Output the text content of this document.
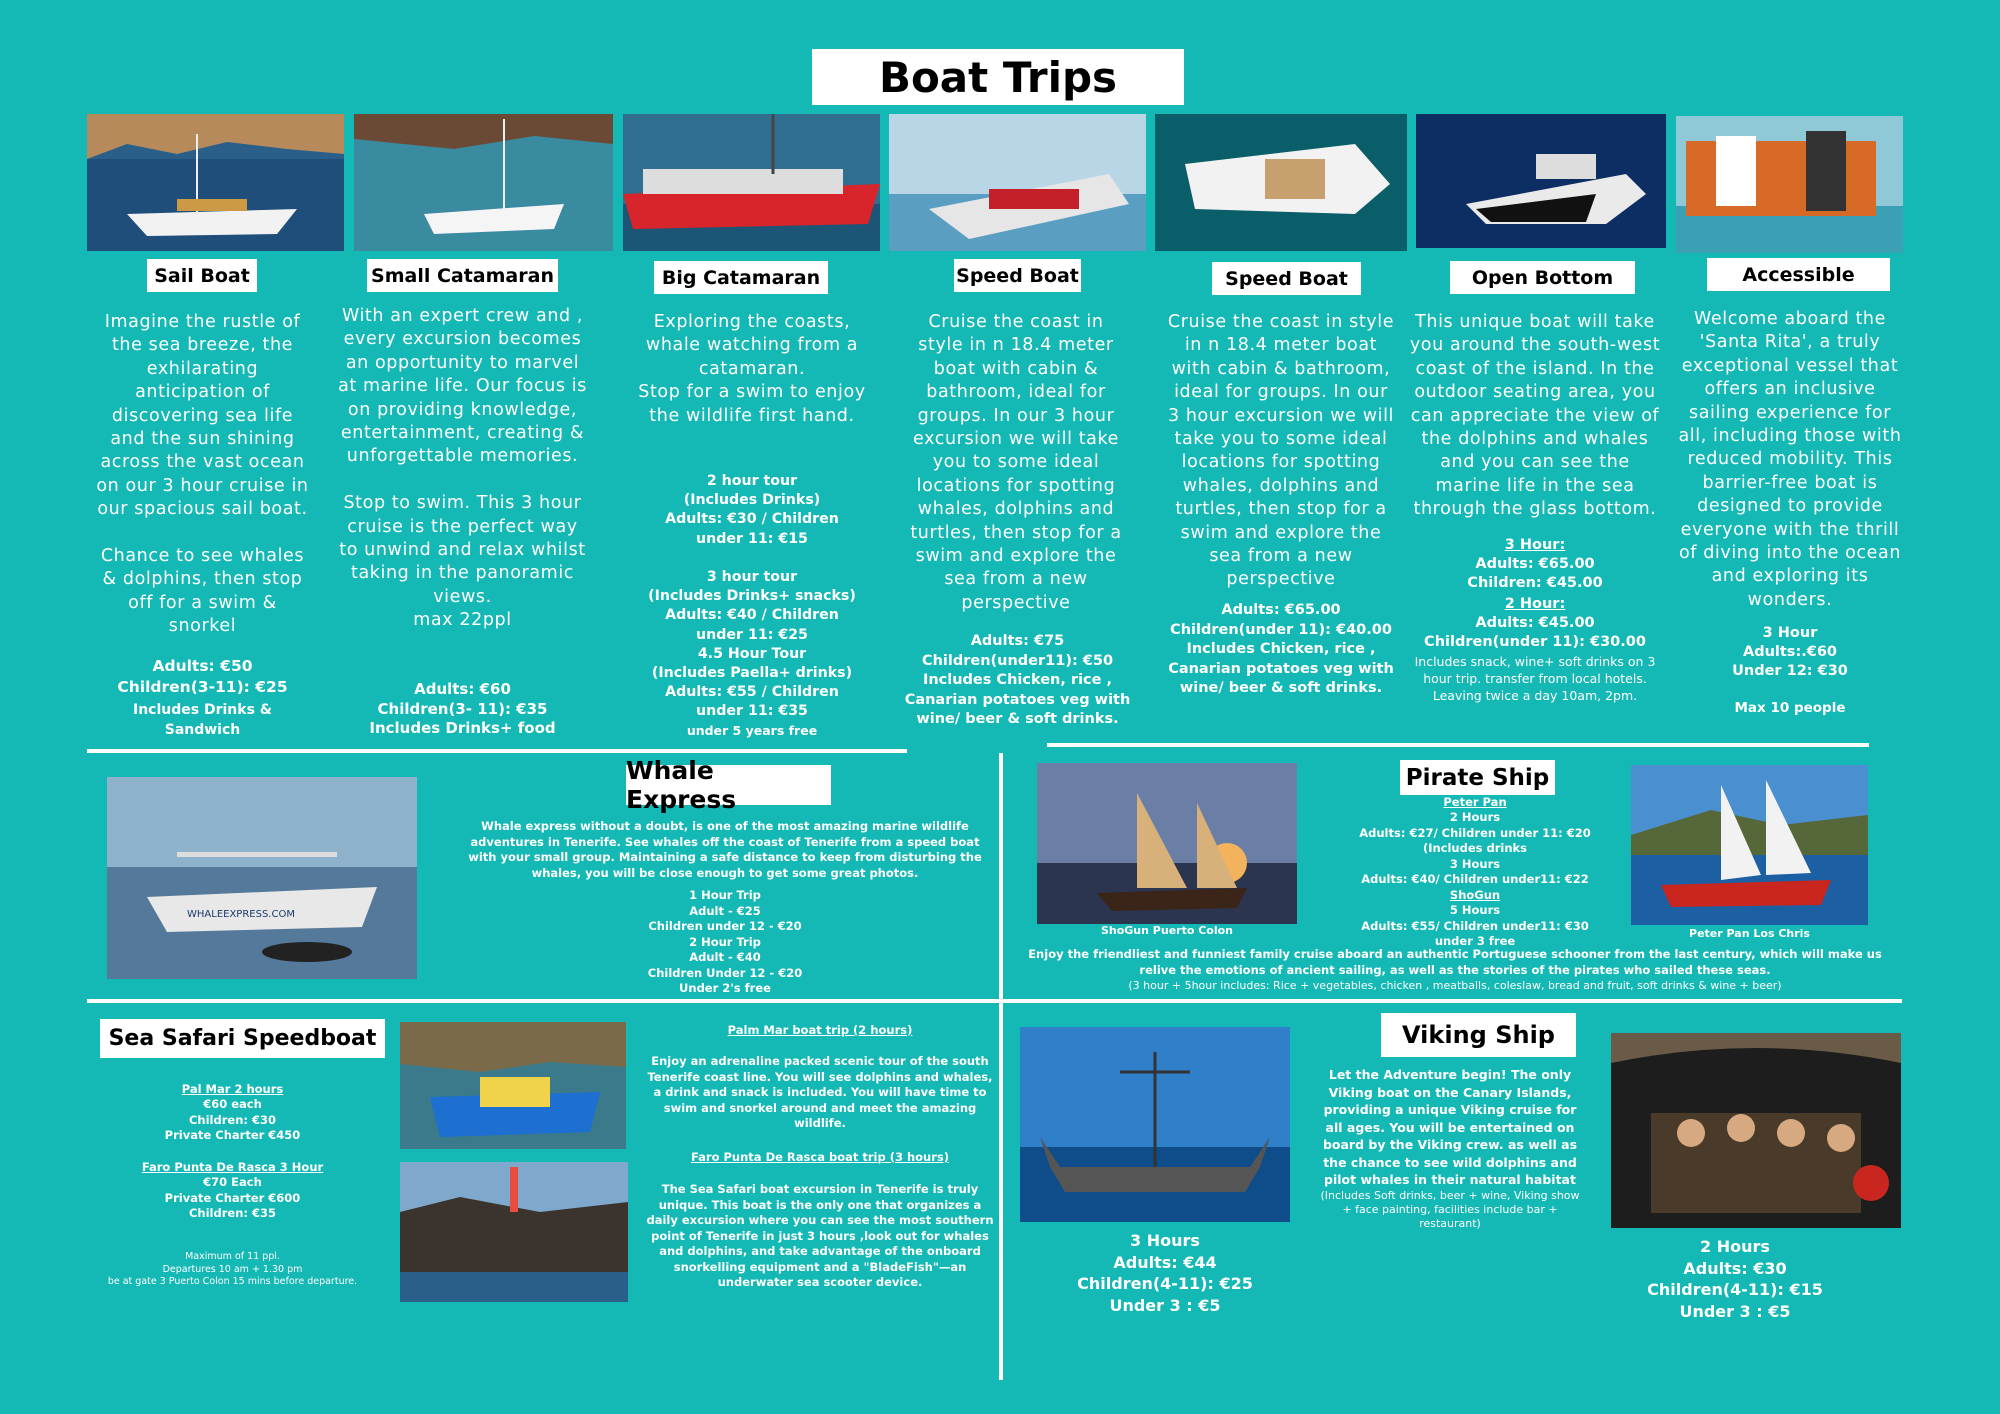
Boat Trips
Sail Boat	Small Catamaran	Big Catamaran	Speed Boat	Speed Boat	Open Bottom	Accessible
Imagine the rustle of the sea breeze, the exhilarating anticipation of discovering sea life and the sun shining across the vast ocean on our 3 hour cruise in our spacious sail boat.

Chance to see whales & dolphins, then stop off for a swim & snorkel
Adults: €50
Children(3-11): €25
Includes Drinks &
Sandwich
With an expert crew and , every excursion becomes an opportunity to marvel at marine life. Our focus is on providing knowledge, entertainment, creating & unforgettable memories.

Stop to swim. This 3 hour cruise is the perfect way to unwind and relax whilst taking in the panoramic views.
max 22ppl
Adults: €60
Children(3- 11): €35
Includes Drinks+ food
Exploring the coasts, whale watching from a catamaran.
Stop for a swim to enjoy the wildlife first hand.
2 hour tour
(Includes Drinks)
Adults: €30 / Children
under 11: €15

3 hour tour
(Includes Drinks+ snacks)
Adults: €40 / Children
under 11: €25
4.5 Hour Tour
(Includes Paella+ drinks)
Adults: €55 / Children
under 11: €35
under 5 years free
Cruise the coast in style in n 18.4 meter boat with cabin & bathroom, ideal for groups. In our 3 hour excursion we will take you to some ideal locations for spotting whales, dolphins and turtles, then stop for a swim and explore the sea from a new perspective
Adults: €75
Children(under11): €50
Includes Chicken, rice ,
Canarian potatoes veg with
wine/ beer & soft drinks.
Cruise the coast in style in n 18.4 meter boat with cabin & bathroom, ideal for groups. In our 3 hour excursion we will take you to some ideal locations for spotting whales, dolphins and turtles, then stop for a swim and explore the sea from a new perspective
Adults: €65.00
Children(under 11): €40.00
Includes Chicken, rice ,
Canarian potatoes veg with
wine/ beer & soft drinks.
This unique boat will take you around the south-west coast of the island. In the outdoor seating area, you can appreciate the view of the dolphins and whales and you can see the marine life in the sea through the glass bottom.
3 Hour:
Adults: €65.00
Children: €45.00
2 Hour:
Adults: €45.00
Children(under 11): €30.00
Includes snack, wine+ soft drinks on 3 hour trip. transfer from local hotels. Leaving twice a day 10am, 2pm.
Welcome aboard the 'Santa Rita', a truly exceptional vessel that offers an inclusive sailing experience for all, including those with reduced mobility. This barrier-free boat is designed to provide everyone with the thrill of diving into the ocean and exploring its wonders.
3 Hour
Adults:.€60
Under 12: €30
Max 10 people
WHALEEXPRESS.COM
Whale Express
Whale express without a doubt, is one of the most amazing marine wildlife adventures in Tenerife. See whales off the coast of Tenerife from a speed boat with your small group. Maintaining a safe distance to keep from disturbing the whales, you will be close enough to get some great photos.
1 Hour Trip
Adult - €25
Children under 12 - €20
2 Hour Trip
Adult - €40
Children Under 12 - €20
Under 2's free
ShoGun Puerto Colon
Pirate Ship
Peter Pan
2 Hours
Adults: €27/ Children under 11: €20
(Includes drinks
3 Hours
Adults: €40/ Children under11: €22
ShoGun
5 Hours
Adults: €55/ Children under11: €30
under 3 free
Peter Pan Los Chris
Enjoy the friendliest and funniest family cruise aboard an authentic Portuguese schooner from the last century, which will make us relive the emotions of ancient sailing, as well as the stories of the pirates who sailed these seas.
(3 hour + 5hour includes: Rice + vegetables, chicken , meatballs, coleslaw, bread and fruit, soft drinks & wine + beer)
Sea Safari Speedboat
Pal Mar 2 hours
€60 each
Children: €30
Private Charter €450
Faro Punta De Rasca 3 Hour
€70 Each
Private Charter €600
Children: €35
Maximum of 11 ppl.
Departures 10 am + 1.30 pm
be at gate 3 Puerto Colon 15 mins before departure.
Palm Mar boat trip (2 hours)
Enjoy an adrenaline packed scenic tour of the south Tenerife coast line. You will see dolphins and whales, a drink and snack is included. You will have time to swim and snorkel around and meet the amazing wildlife.
Faro Punta De Rasca boat trip (3 hours)
The Sea Safari boat excursion in Tenerife is truly unique. This boat is the only one that organizes a daily excursion where you can see the most southern point of Tenerife in just 3 hours ,look out for whales and dolphins, and take advantage of the onboard snorkelling equipment and a "BladeFish"—an underwater sea scooter device.
3 Hours
Adults: €44
Children(4-11): €25
Under 3 : €5
Viking Ship
Let the Adventure begin! The only Viking boat on the Canary Islands, providing a unique Viking cruise for all ages. You will be entertained on board by the Viking crew. as well as the chance to see wild dolphins and pilot whales in their natural habitat
(Includes Soft drinks, beer + wine, Viking show + face painting, facilities include bar + restaurant)
2 Hours
Adults: €30
Children(4-11): €15
Under 3 : €5
